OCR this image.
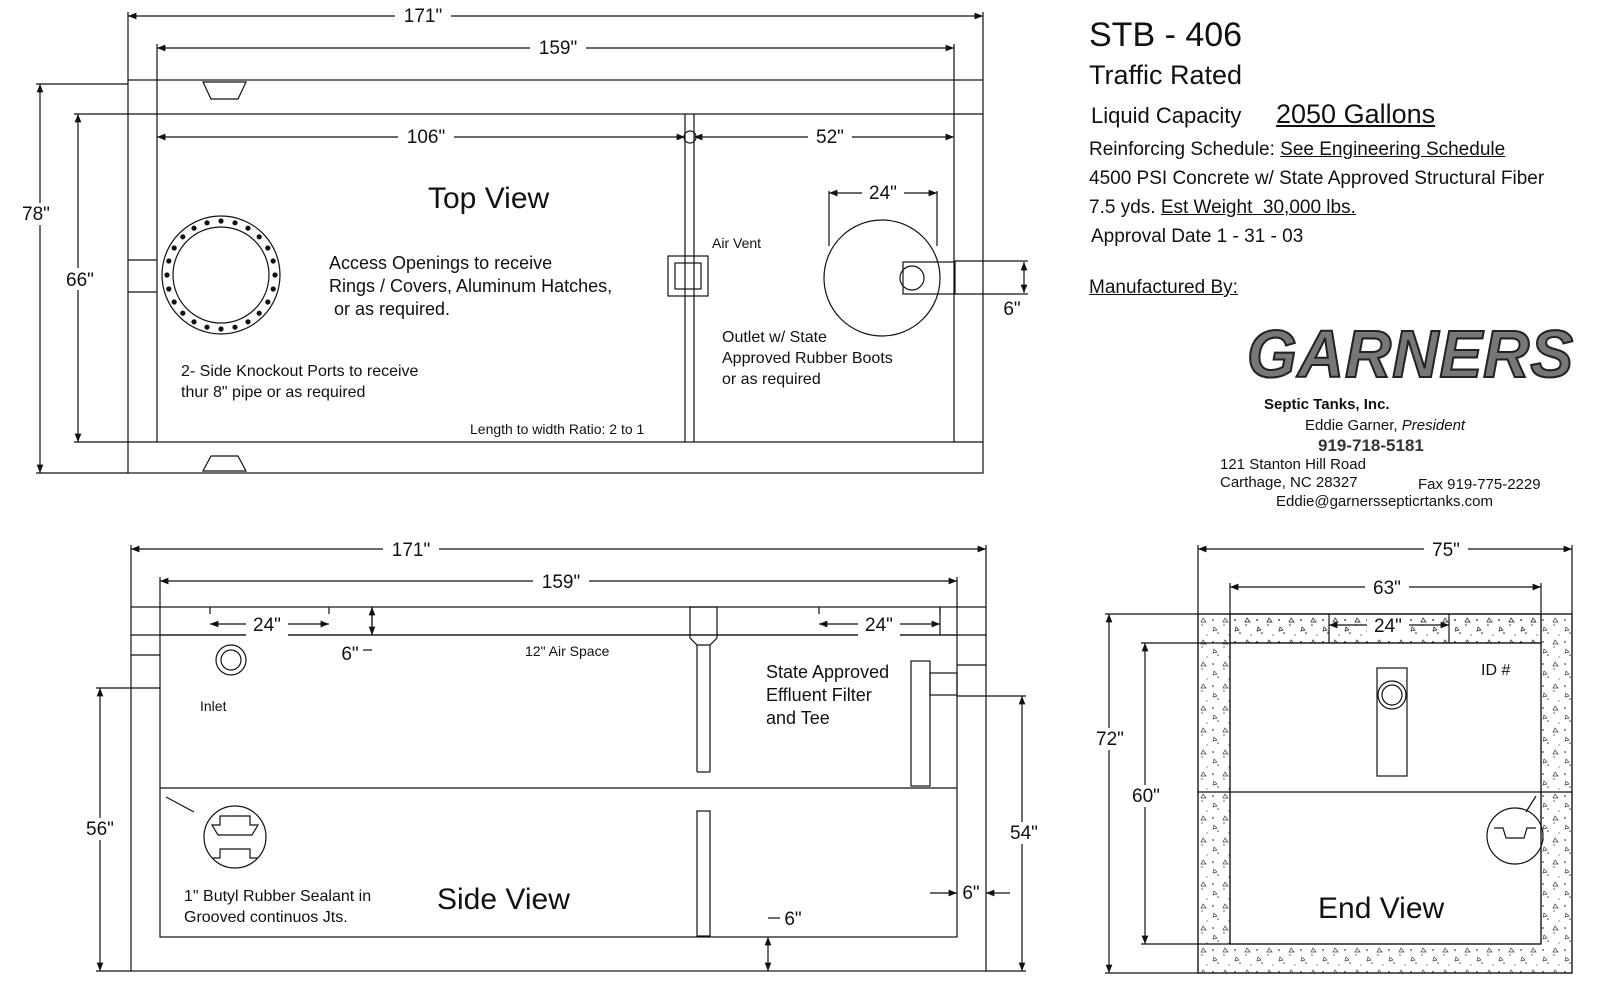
171"
159"
106"	52"
78"
66"
24"
6"
171"
159"
24"	24"
6"
56"	54"
6"
6"
75"
63"
24"
72"
60"
Top View
Access Openings to receive
Rings / Covers, Aluminum Hatches,
or as required.
2- Side Knockout Ports to receive
thur 8" pipe or as required
Air Vent
Outlet w/ State
Approved Rubber Boots
or as required
Length to width Ratio: 2 to 1
12" Air Space
Inlet
State Approved
Effluent Filter
and Tee
1" Butyl Rubber Sealant in
Grooved continuos Jts.
Side View
ID #
End View
STB - 406
Traffic Rated
Liquid Capacity 2050 Gallons
Reinforcing Schedule: See Engineering Schedule
4500 PSI Concrete w/ State Approved Structural Fiber
7.5 yds. Est Weight  30,000 lbs.
Approval Date 1 - 31 - 03
Manufactured By:
GARNERS
Septic Tanks, Inc.
Eddie Garner, President
919-718-5181
121 Stanton Hill Road
Carthage, NC 28327	Fax 919-775-2229
Eddie@garnerssepticrtanks.com
